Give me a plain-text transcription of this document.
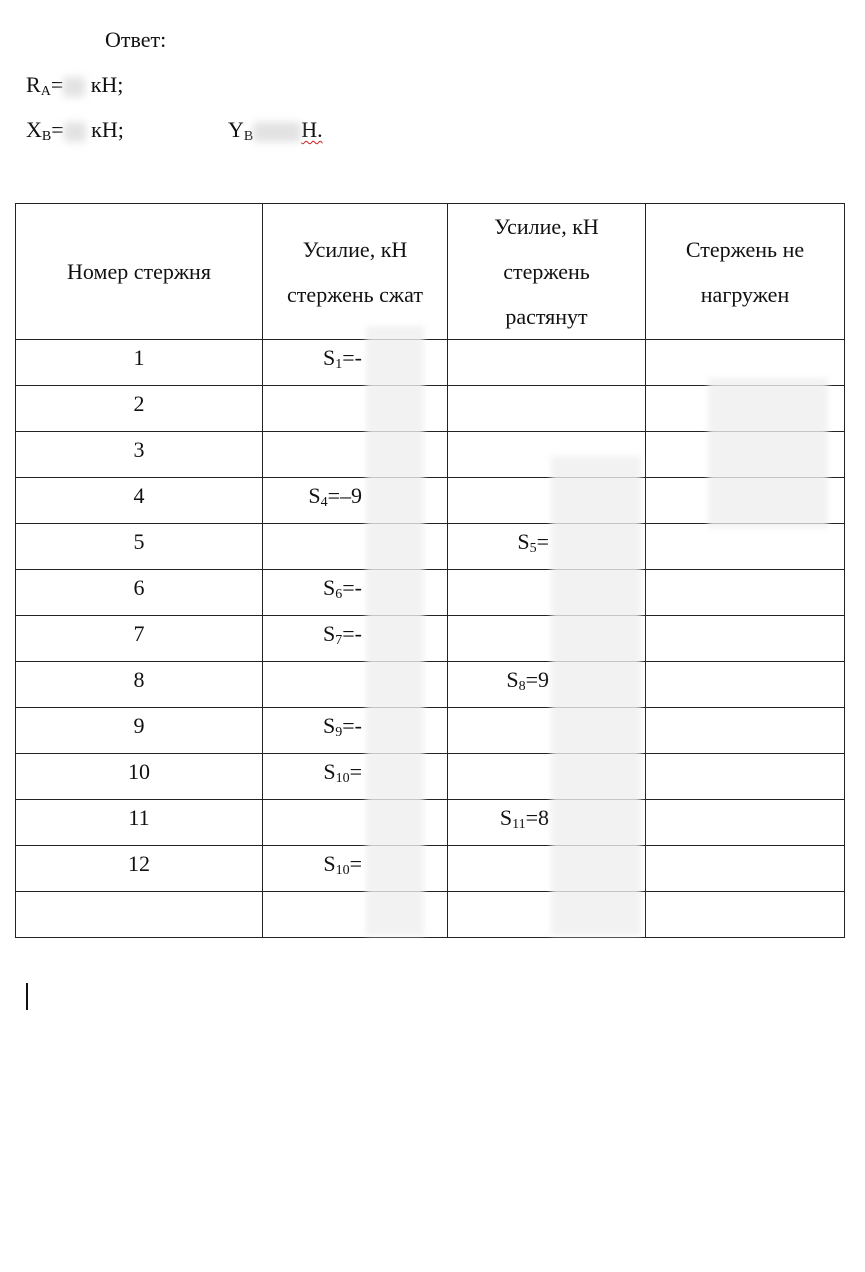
Ответ:
$R_A=$ кН;
$X_B=$ кН;	$Y_B$ Н.
Номер стержня	Усилие, кН стержень сжат	Усилие, кН стержень растянут	Стержень не нагружен

1	$S_1=-$		

2			

3			

4	$S_4=-9$		

5		$S_5=$	

6	$S_6=-$		

7	$S_7=-$		

8		$S_8=9$	

9	$S_9=-$		

10	$S_{10}=$		

11		$S_{11}=8$	

12	$S_{10}=$		
